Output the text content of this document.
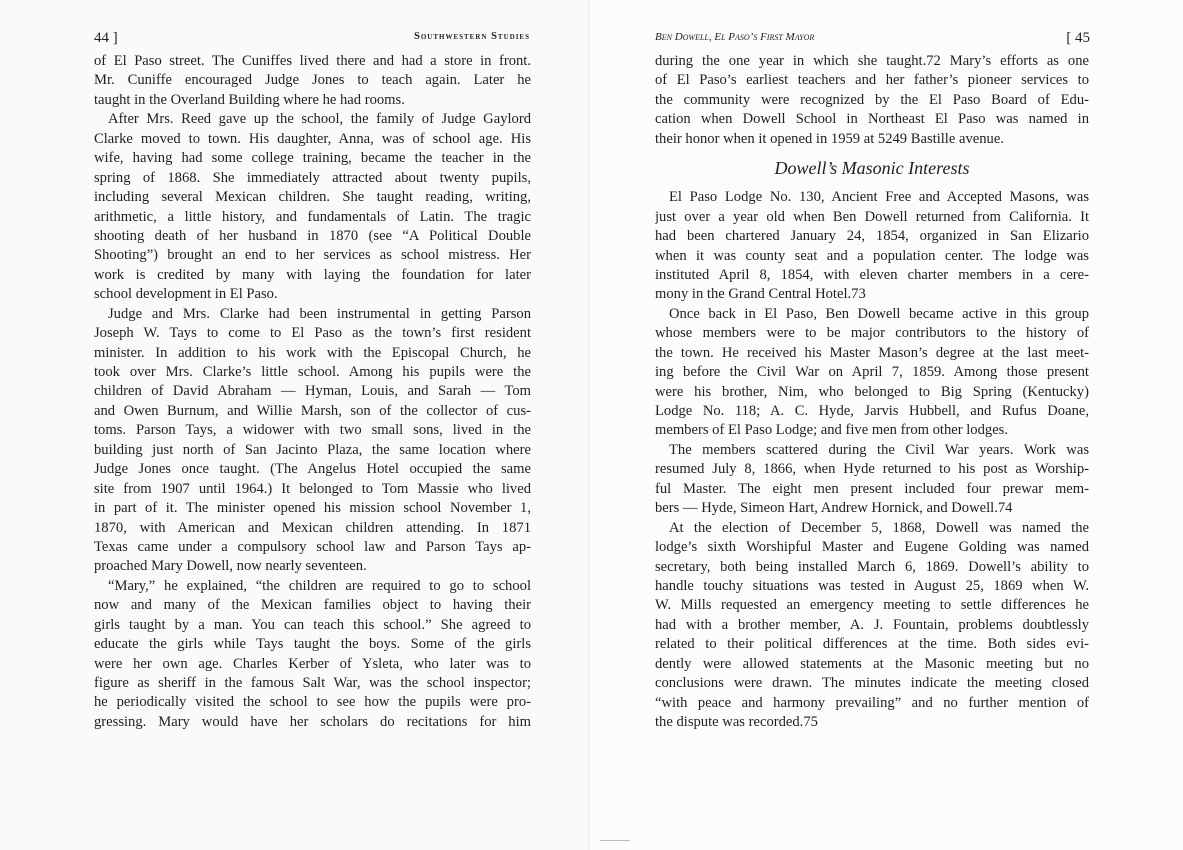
44 ]	Southwestern Studies
of El Paso street. The Cuniffes lived there and had a store in front.
Mr. Cuniffe encouraged Judge Jones to teach again. Later he
taught in the Overland Building where he had rooms.
After Mrs. Reed gave up the school, the family of Judge Gaylord
Clarke moved to town. His daughter, Anna, was of school age. His
wife, having had some college training, became the teacher in the
spring of 1868. She immediately attracted about twenty pupils,
including several Mexican children. She taught reading, writing,
arithmetic, a little history, and fundamentals of Latin. The tragic
shooting death of her husband in 1870 (see “A Political Double
Shooting”) brought an end to her services as school mistress. Her
work is credited by many with laying the foundation for later
school development in El Paso.
Judge and Mrs. Clarke had been instrumental in getting Parson
Joseph W. Tays to come to El Paso as the town’s first resident
minister. In addition to his work with the Episcopal Church, he
took over Mrs. Clarke’s little school. Among his pupils were the
children of David Abraham — Hyman, Louis, and Sarah — Tom
and Owen Burnum, and Willie Marsh, son of the collector of cus-
toms. Parson Tays, a widower with two small sons, lived in the
building just north of San Jacinto Plaza, the same location where
Judge Jones once taught. (The Angelus Hotel occupied the same
site from 1907 until 1964.) It belonged to Tom Massie who lived
in part of it. The minister opened his mission school November 1,
1870, with American and Mexican children attending. In 1871
Texas came under a compulsory school law and Parson Tays ap-
proached Mary Dowell, now nearly seventeen.
“Mary,” he explained, “the children are required to go to school
now and many of the Mexican families object to having their
girls taught by a man. You can teach this school.” She agreed to
educate the girls while Tays taught the boys. Some of the girls
were her own age. Charles Kerber of Ysleta, who later was to
figure as sheriff in the famous Salt War, was the school inspector;
he periodically visited the school to see how the pupils were pro-
gressing. Mary would have her scholars do recitations for him
Ben Dowell, El Paso’s First Mayor	[ 45
during the one year in which she taught.72 Mary’s efforts as one
of El Paso’s earliest teachers and her father’s pioneer services to
the community were recognized by the El Paso Board of Edu-
cation when Dowell School in Northeast El Paso was named in
their honor when it opened in 1959 at 5249 Bastille avenue.
Dowell’s Masonic Interests
El Paso Lodge No. 130, Ancient Free and Accepted Masons, was
just over a year old when Ben Dowell returned from California. It
had been chartered January 24, 1854, organized in San Elizario
when it was county seat and a population center. The lodge was
instituted April 8, 1854, with eleven charter members in a cere-
mony in the Grand Central Hotel.73
Once back in El Paso, Ben Dowell became active in this group
whose members were to be major contributors to the history of
the town. He received his Master Mason’s degree at the last meet-
ing before the Civil War on April 7, 1859. Among those present
were his brother, Nim, who belonged to Big Spring (Kentucky)
Lodge No. 118; A. C. Hyde, Jarvis Hubbell, and Rufus Doane,
members of El Paso Lodge; and five men from other lodges.
The members scattered during the Civil War years. Work was
resumed July 8, 1866, when Hyde returned to his post as Worship-
ful Master. The eight men present included four prewar mem-
bers — Hyde, Simeon Hart, Andrew Hornick, and Dowell.74
At the election of December 5, 1868, Dowell was named the
lodge’s sixth Worshipful Master and Eugene Golding was named
secretary, both being installed March 6, 1869. Dowell’s ability to
handle touchy situations was tested in August 25, 1869 when W.
W. Mills requested an emergency meeting to settle differences he
had with a brother member, A. J. Fountain, problems doubtlessly
related to their political differences at the time. Both sides evi-
dently were allowed statements at the Masonic meeting but no
conclusions were drawn. The minutes indicate the meeting closed
“with peace and harmony prevailing” and no further mention of
the dispute was recorded.75
